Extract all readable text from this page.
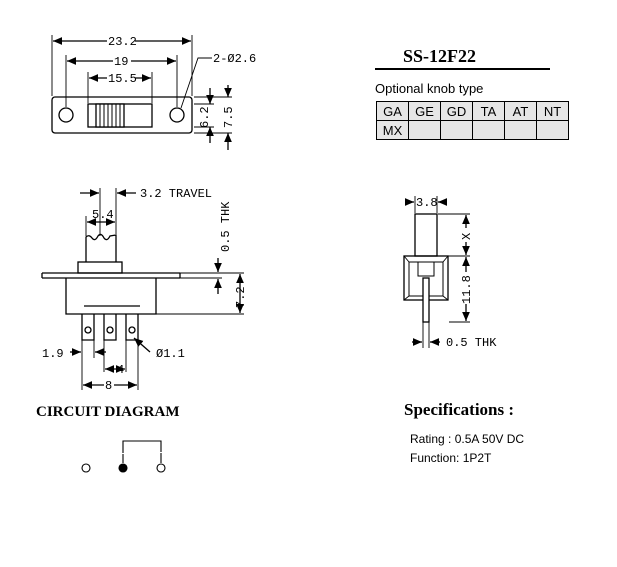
23.2
19
15.5
2-Ø2.6
6.2 7.5
3.2 TRAVEL
5.4	0.5 THK
7.2
1.9	Ø1.1
4
8
3.8
X
11.8
0.5 THK
SS-12F22
Optional knob type
GA	GE	GD	TA	AT	NT
MX					
CIRCUIT DIAGRAM	Specifications :
Rating : 0.5A 50V DC
Function: 1P2T
